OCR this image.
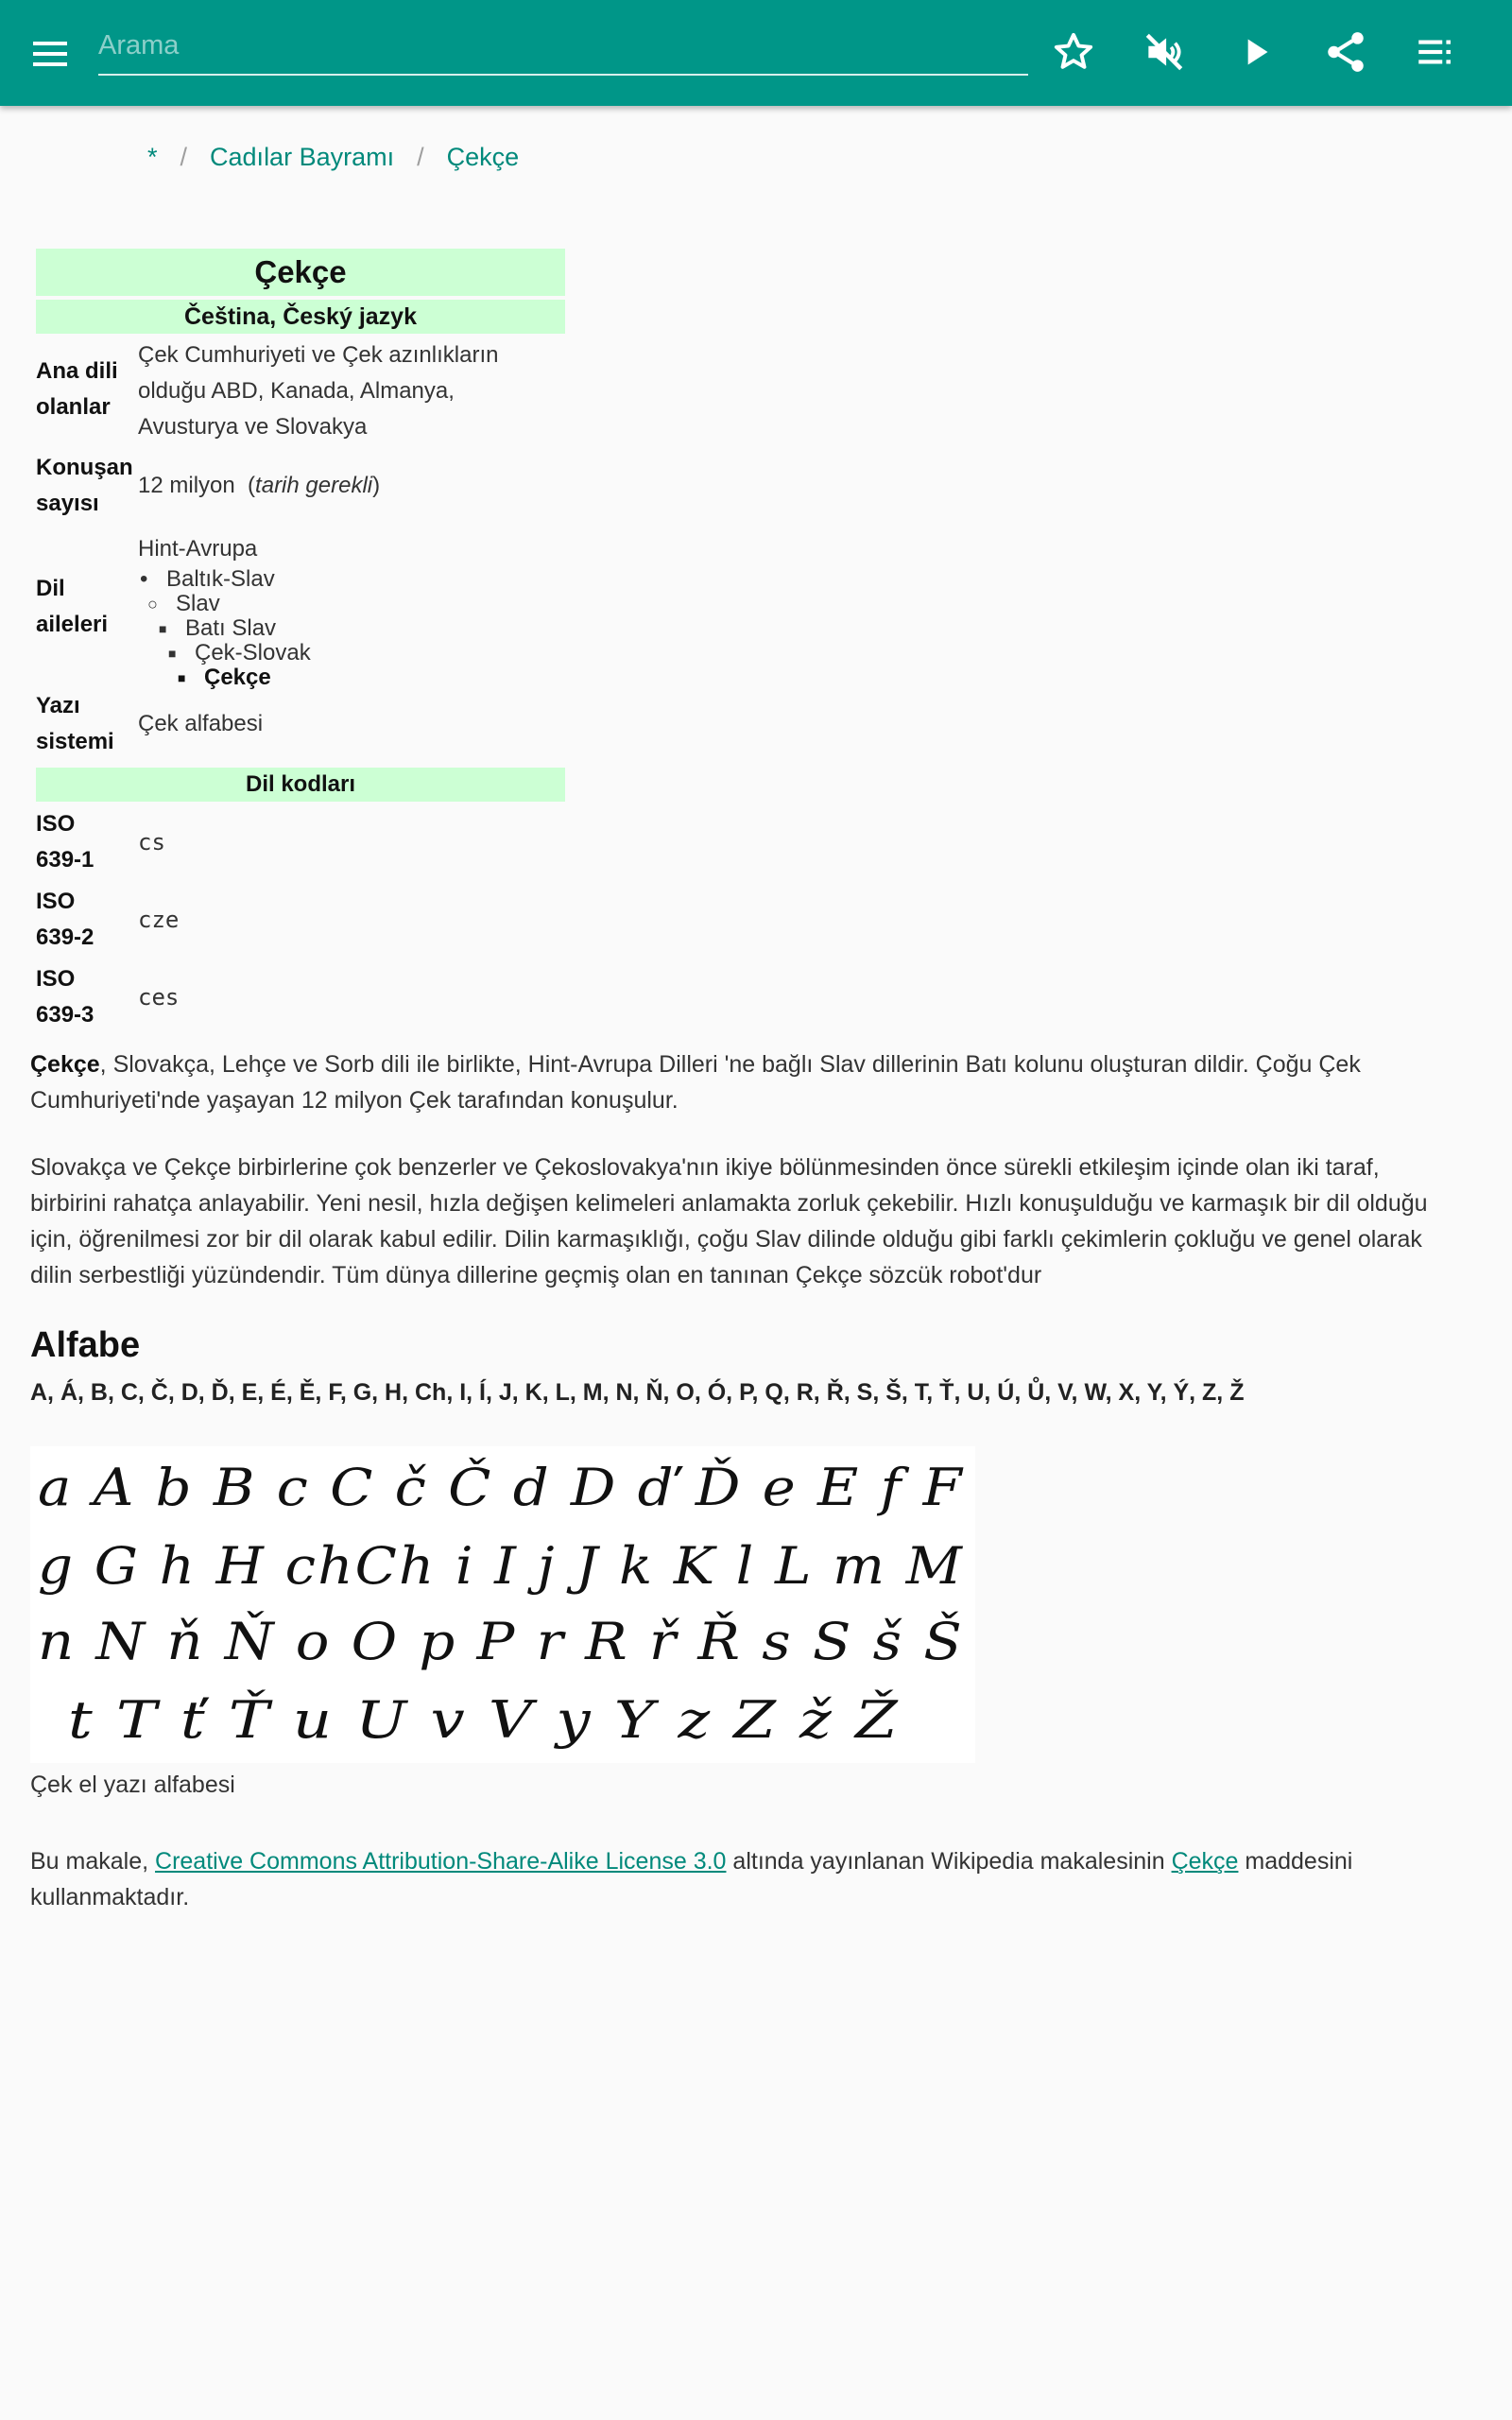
Arama
* / Cadılar Bayramı / Çekçe
Çekçe
Čeština, Český jazyk
Ana dili
olanlar
Çek Cumhuriyeti ve Çek azınlıkların
olduğu ABD, Kanada, Almanya,
Avusturya ve Slovakya
Konuşan
sayısı
12 milyon  (tarih gerekli)
Dil
aileleri
Hint-Avrupa
• Baltık-Slav
○ Slav
■ Batı Slav
■ Çek-Slovak
■ Çekçe
Yazı
sistemi
Çek alfabesi
Dil kodları
ISO
639-1
cs
ISO
639-2
cze
ISO
639-3
ces

Çekçe, Slovakça, Lehçe ve Sorb dili ile birlikte, Hint-Avrupa Dilleri 'ne bağlı Slav dillerinin Batı kolunu oluşturan dildir. Çoğu Çek
Cumhuriyeti'nde yaşayan 12 milyon Çek tarafından konuşulur.

Slovakça ve Çekçe birbirlerine çok benzerler ve Çekoslovakya'nın ikiye bölünmesinden önce sürekli etkileşim içinde olan iki taraf,
birbirini rahatça anlayabilir. Yeni nesil, hızla değişen kelimeleri anlamakta zorluk çekebilir. Hızlı konuşulduğu ve karmaşık bir dil olduğu
için, öğrenilmesi zor bir dil olarak kabul edilir. Dilin karmaşıklığı, çoğu Slav dilinde olduğu gibi farklı çekimlerin çokluğu ve genel olarak
dilin serbestliği yüzündendir. Tüm dünya dillerine geçmiş olan en tanınan Çekçe sözcük robot'dur

Alfabe
A, Á, B, C, Č, D, Ď, E, É, Ě, F, G, H, Ch, I, Í, J, K, L, M, N, Ň, O, Ó, P, Q, R, Ř, S, Š, T, Ť, U, Ú, Ů, V, W, X, Y, Ý, Z, Ž
a A b B c C č Č d D ď Ď e E f F
g G h H chCh i I j J k K l L m M
n N ň Ň o O p P r R ř Ř s S š Š
t T ť Ť u U v V y Y z Z ž Ž
Çek el yazı alfabesi

Bu makale, Creative Commons Attribution-Share-Alike License 3.0 altında yayınlanan Wikipedia makalesinin Çekçe maddesini
kullanmaktadır.
